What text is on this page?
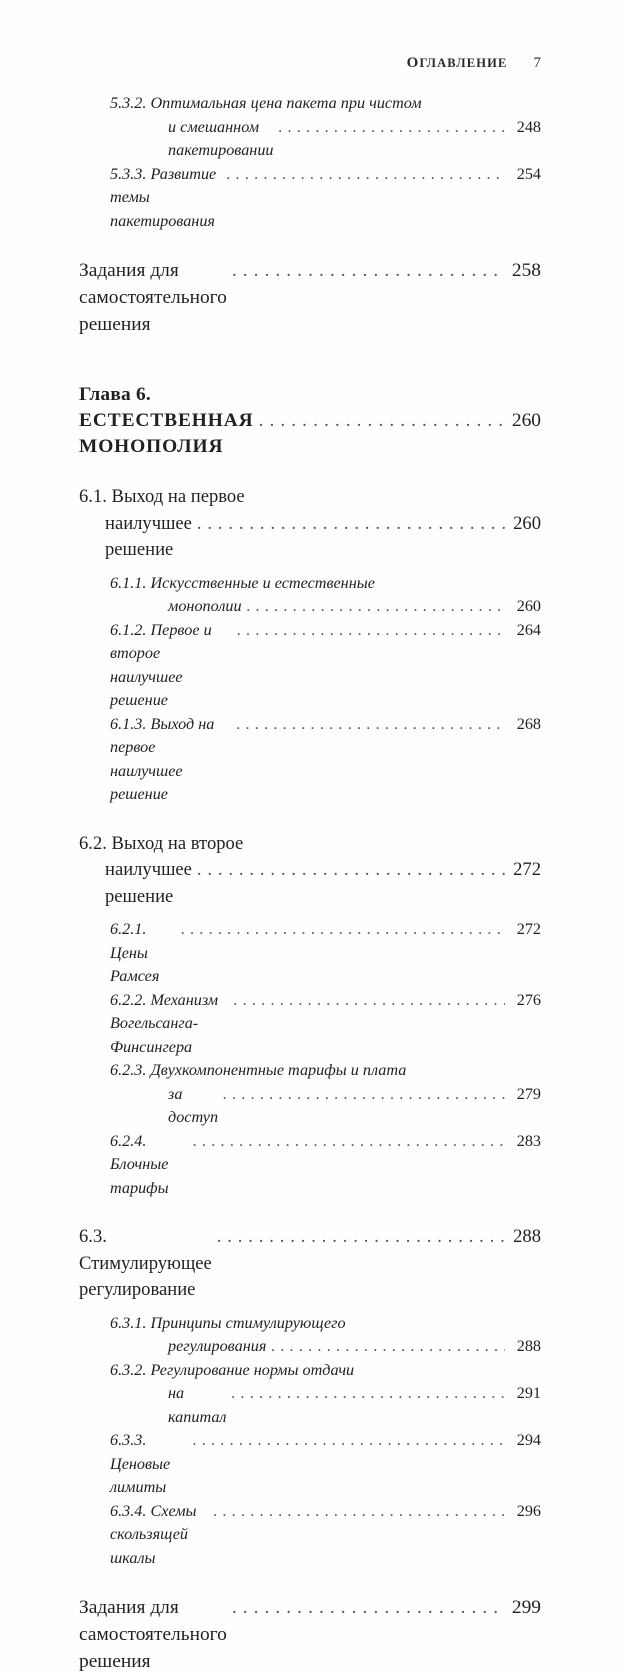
ОГЛАВЛЕНИЕ 7
5.3.2. Оптимальная цена пакета при чистом
и смешанном пакетировании
. . .
248
5.3.3. Развитие темы пакетирования
. . .
254
Задания для самостоятельного решения
. . .
258
Глава 6.
ЕСТЕСТВЕННАЯ МОНОПОЛИЯ
. . .
260
6.1. Выход на первое
наилучшее решение
. . .
260
6.1.1. Искусственные и естественные
монополии . . .	260
6.1.2. Первое и второе наилучшее решение
. . .
264
6.1.3. Выход на первое наилучшее решение
. . .
268
6.2. Выход на второе
наилучшее решение
. . .
272
6.2.1. Цены Рамсея
. . .
272
6.2.2. Механизм Вогельсанга-Финсингера
. . .
276
6.2.3. Двухкомпонентные тарифы и плата
за доступ
. . .
279
6.2.4. Блочные тарифы
. . .
283
6.3. Стимулирующее регулирование
. . .
288
6.3.1. Принципы стимулирующего
регулирования . . .	288
6.3.2. Регулирование нормы отдачи
на капитал
. . .
291
6.3.3. Ценовые лимиты
. . .
294
6.3.4. Схемы скользящей шкалы
. . .
296
Задания для самостоятельного решения
. . .
299
